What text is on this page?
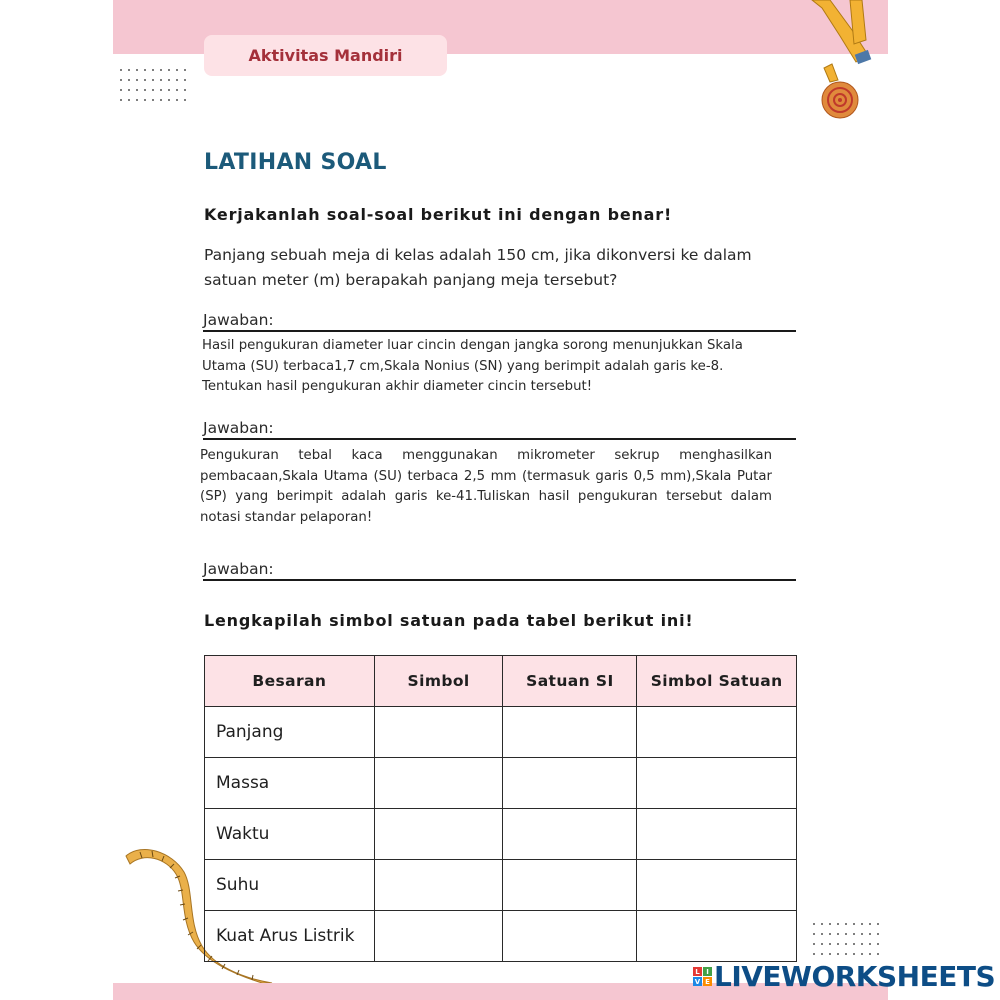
Aktivitas Mandiri
LATIHAN SOAL
Kerjakanlah soal-soal berikut ini dengan benar!
Panjang sebuah meja di kelas adalah 150 cm, jika dikonversi ke dalam satuan meter (m) berapakah panjang meja tersebut?
Jawaban:
Hasil pengukuran diameter luar cincin dengan jangka sorong menunjukkan Skala Utama (SU) terbaca1,7 cm,Skala Nonius (SN) yang berimpit adalah garis ke-8. Tentukan hasil pengukuran akhir diameter cincin tersebut!
Jawaban:
Pengukuran tebal kaca menggunakan mikrometer sekrup menghasilkan pembacaan,Skala Utama (SU) terbaca 2,5 mm (termasuk garis 0,5 mm),Skala Putar (SP) yang berimpit adalah garis ke-41.Tuliskan hasil pengukuran tersebut dalam notasi standar pelaporan!
Jawaban:
Lengkapilah simbol satuan pada tabel berikut ini!
Besaran	Simbol	Satuan SI	Simbol Satuan
Panjang			
Massa			
Waktu			
Suhu			
Kuat Arus Listrik			
L I
V E LIVEWORKSHEETS
